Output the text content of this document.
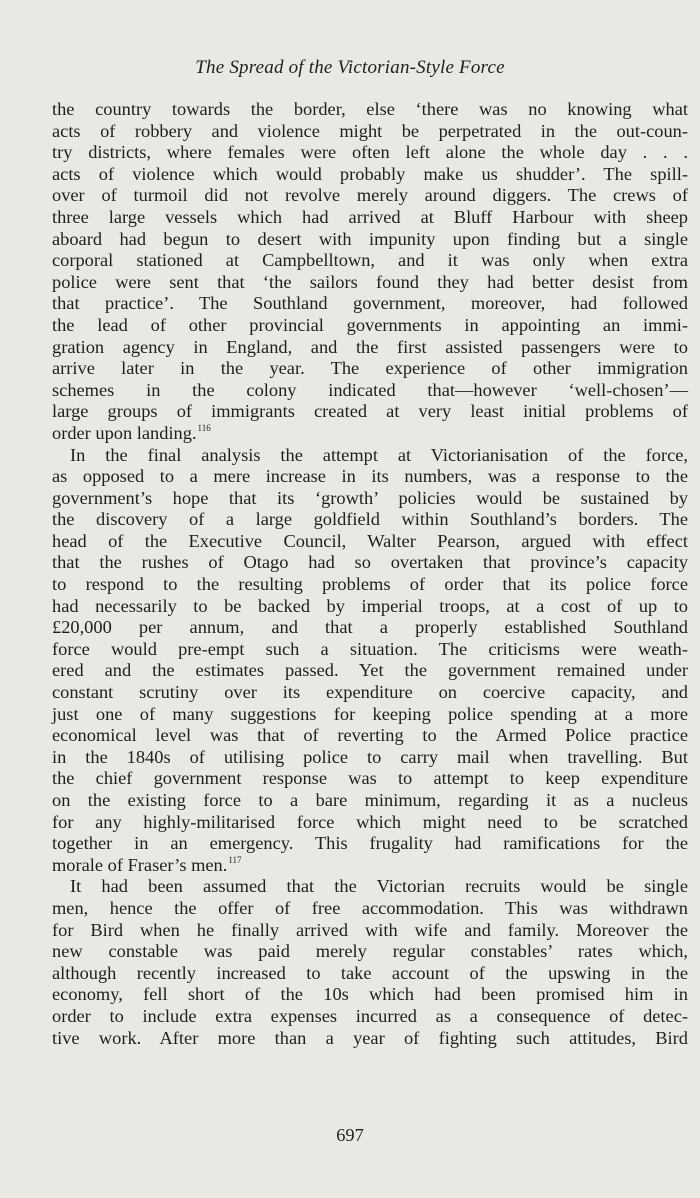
The Spread of the Victorian-Style Force
the country towards the border, else ‘there was no knowing what
acts of robbery and violence might be perpetrated in the out-coun-
try districts, where females were often left alone the whole day . . .
acts of violence which would probably make us shudder’. The spill-
over of turmoil did not revolve merely around diggers. The crews of
three large vessels which had arrived at Bluff Harbour with sheep
aboard had begun to desert with impunity upon finding but a single
corporal stationed at Campbelltown, and it was only when extra
police were sent that ‘the sailors found they had better desist from
that practice’. The Southland government, moreover, had followed
the lead of other provincial governments in appointing an immi-
gration agency in England, and the first assisted passengers were to
arrive later in the year. The experience of other immigration
schemes in the colony indicated that—however ‘well-chosen’—
large groups of immigrants created at very least initial problems of
order upon landing.$^{116}$
In the final analysis the attempt at Victorianisation of the force,
as opposed to a mere increase in its numbers, was a response to the
government’s hope that its ‘growth’ policies would be sustained by
the discovery of a large goldfield within Southland’s borders. The
head of the Executive Council, Walter Pearson, argued with effect
that the rushes of Otago had so overtaken that province’s capacity
to respond to the resulting problems of order that its police force
had necessarily to be backed by imperial troops, at a cost of up to
£20,000 per annum, and that a properly established Southland
force would pre-empt such a situation. The criticisms were weath-
ered and the estimates passed. Yet the government remained under
constant scrutiny over its expenditure on coercive capacity, and
just one of many suggestions for keeping police spending at a more
economical level was that of reverting to the Armed Police practice
in the 1840s of utilising police to carry mail when travelling. But
the chief government response was to attempt to keep expenditure
on the existing force to a bare minimum, regarding it as a nucleus
for any highly-militarised force which might need to be scratched
together in an emergency. This frugality had ramifications for the
morale of Fraser’s men.$^{117}$
It had been assumed that the Victorian recruits would be single
men, hence the offer of free accommodation. This was withdrawn
for Bird when he finally arrived with wife and family. Moreover the
new constable was paid merely regular constables’ rates which,
although recently increased to take account of the upswing in the
economy, fell short of the 10s which had been promised him in
order to include extra expenses incurred as a consequence of detec-
tive work. After more than a year of fighting such attitudes, Bird
697
